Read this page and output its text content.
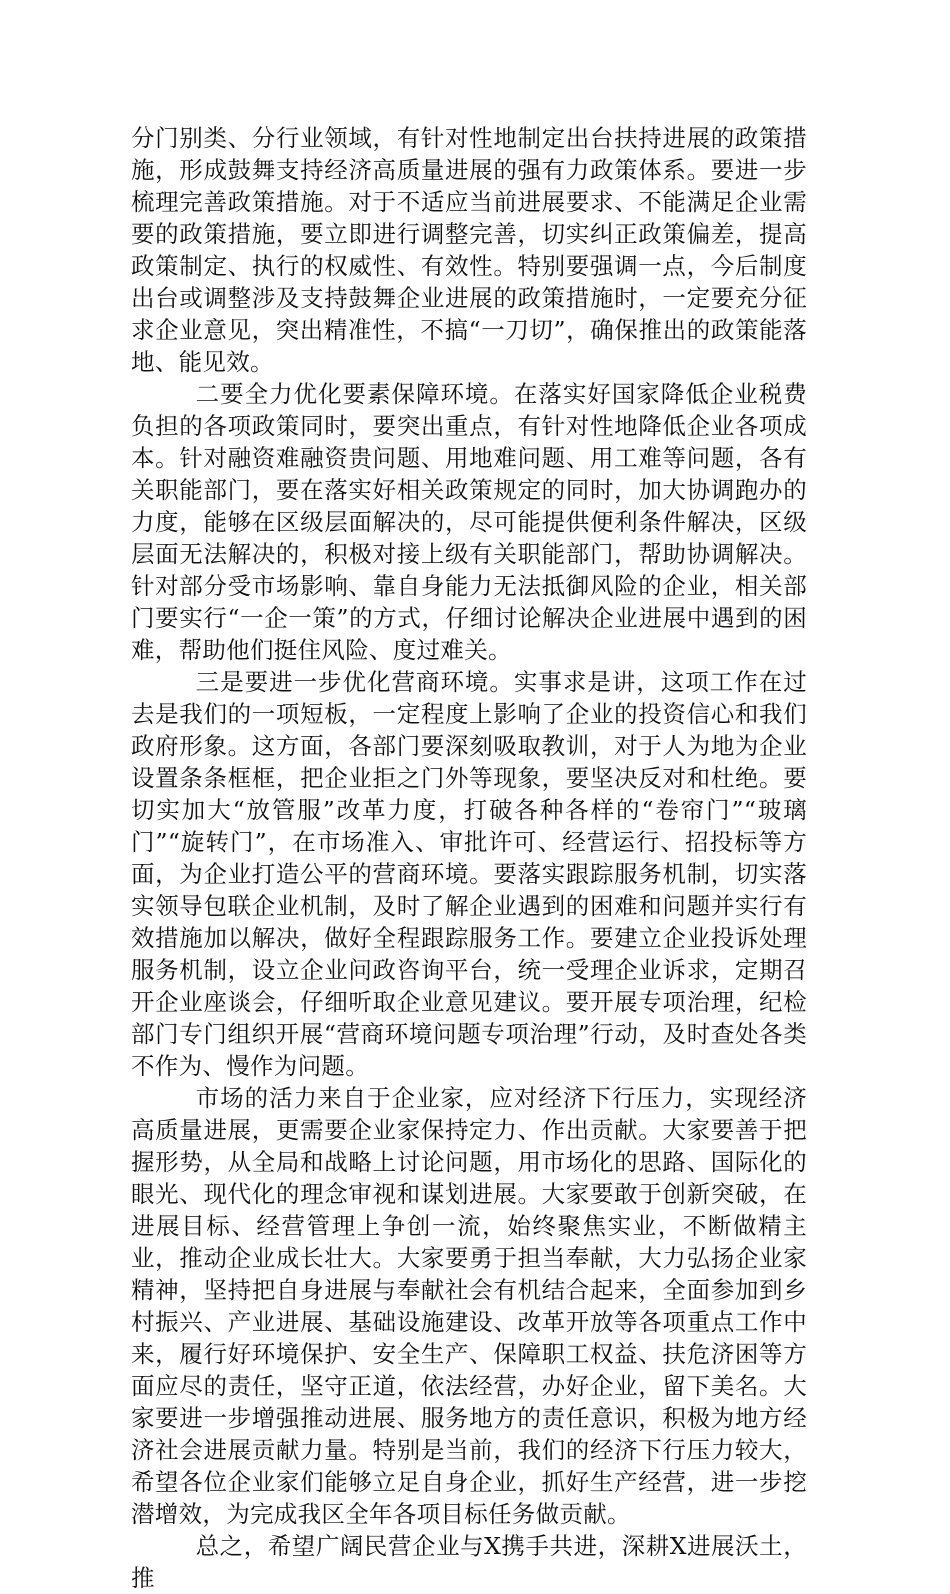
分门别类、分行业领域，有针对性地制定出台扶持进展的政策措施，形成鼓舞支持经济高质量进展的强有力政策体系。要进一步梳理完善政策措施。对于不适应当前进展要求、不能满足企业需要的政策措施，要立即进行调整完善，切实纠正政策偏差，提高政策制定、执行的权威性、有效性。特别要强调一点，今后制度出台或调整涉及支持鼓舞企业进展的政策措施时，一定要充分征求企业意见，突出精准性，不搞“一刀切”，确保推出的政策能落地、能见效。

二要全力优化要素保障环境。在落实好国家降低企业税费负担的各项政策同时，要突出重点，有针对性地降低企业各项成本。针对融资难融资贵问题、用地难问题、用工难等问题，各有关职能部门，要在落实好相关政策规定的同时，加大协调跑办的力度，能够在区级层面解决的，尽可能提供便利条件解决，区级层面无法解决的，积极对接上级有关职能部门，帮助协调解决。针对部分受市场影响、靠自身能力无法抵御风险的企业，相关部门要实行“一企一策”的方式，仔细讨论解决企业进展中遇到的困难，帮助他们挺住风险、度过难关。

三是要进一步优化营商环境。实事求是讲，这项工作在过去是我们的一项短板，一定程度上影响了企业的投资信心和我们政府形象。这方面，各部门要深刻吸取教训，对于人为地为企业设置条条框框，把企业拒之门外等现象，要坚决反对和杜绝。要切实加大“放管服”改革力度，打破各种各样的“卷帘门”“玻璃门”“旋转门”，在市场准入、审批许可、经营运行、招投标等方面，为企业打造公平的营商环境。要落实跟踪服务机制，切实落实领导包联企业机制，及时了解企业遇到的困难和问题并实行有效措施加以解决，做好全程跟踪服务工作。要建立企业投诉处理服务机制，设立企业问政咨询平台，统一受理企业诉求，定期召开企业座谈会，仔细听取企业意见建议。要开展专项治理，纪检部门专门组织开展“营商环境问题专项治理”行动，及时查处各类不作为、慢作为问题。

市场的活力来自于企业家，应对经济下行压力，实现经济高质量进展，更需要企业家保持定力、作出贡献。大家要善于把握形势，从全局和战略上讨论问题，用市场化的思路、国际化的眼光、现代化的理念审视和谋划进展。大家要敢于创新突破，在进展目标、经营管理上争创一流，始终聚焦实业，不断做精主业，推动企业成长壮大。大家要勇于担当奉献，大力弘扬企业家精神，坚持把自身进展与奉献社会有机结合起来，全面参加到乡村振兴、产业进展、基础设施建设、改革开放等各项重点工作中来，履行好环境保护、安全生产、保障职工权益、扶危济困等方面应尽的责任，坚守正道，依法经营，办好企业，留下美名。大家要进一步增强推动进展、服务地方的责任意识，积极为地方经济社会进展贡献力量。特别是当前，我们的经济下行压力较大，希望各位企业家们能够立足自身企业，抓好生产经营，进一步挖潜增效，为完成我区全年各项目标任务做贡献。

总之，希望广阔民营企业与X携手共进，深耕X进展沃土，推
